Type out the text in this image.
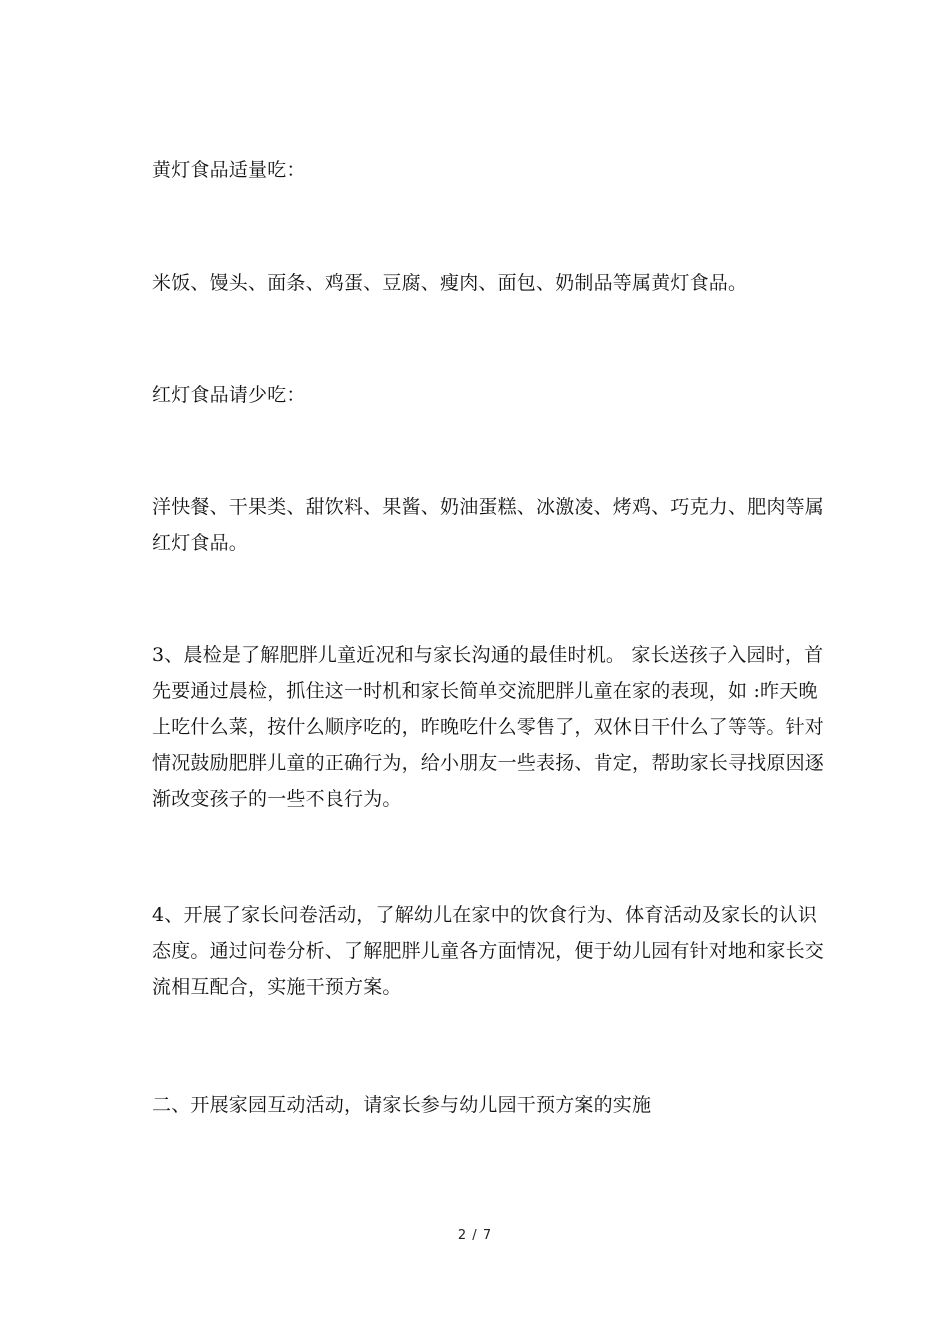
黄灯食品适量吃：

米饭、馒头、面条、鸡蛋、豆腐、瘦肉、面包、奶制品等属黄灯食品。

红灯食品请少吃：

洋快餐、干果类、甜饮料、果酱、奶油蛋糕、冰激凌、烤鸡、巧克力、肥肉等属红灯食品。

3、晨检是了解肥胖儿童近况和与家长沟通的最佳时机。 家长送孩子入园时，首先要通过晨检，抓住这一时机和家长简单交流肥胖儿童在家的表现，如 :昨天晚上吃什么菜，按什么顺序吃的，昨晚吃什么零售了，双休日干什么了等等。针对情况鼓励肥胖儿童的正确行为，给小朋友一些表扬、肯定，帮助家长寻找原因逐渐改变孩子的一些不良行为。

4、开展了家长问卷活动，了解幼儿在家中的饮食行为、体育活动及家长的认识态度。通过问卷分析、了解肥胖儿童各方面情况，便于幼儿园有针对地和家长交流相互配合，实施干预方案。

二、开展家园互动活动，请家长参与幼儿园干预方案的实施

2 / 7
